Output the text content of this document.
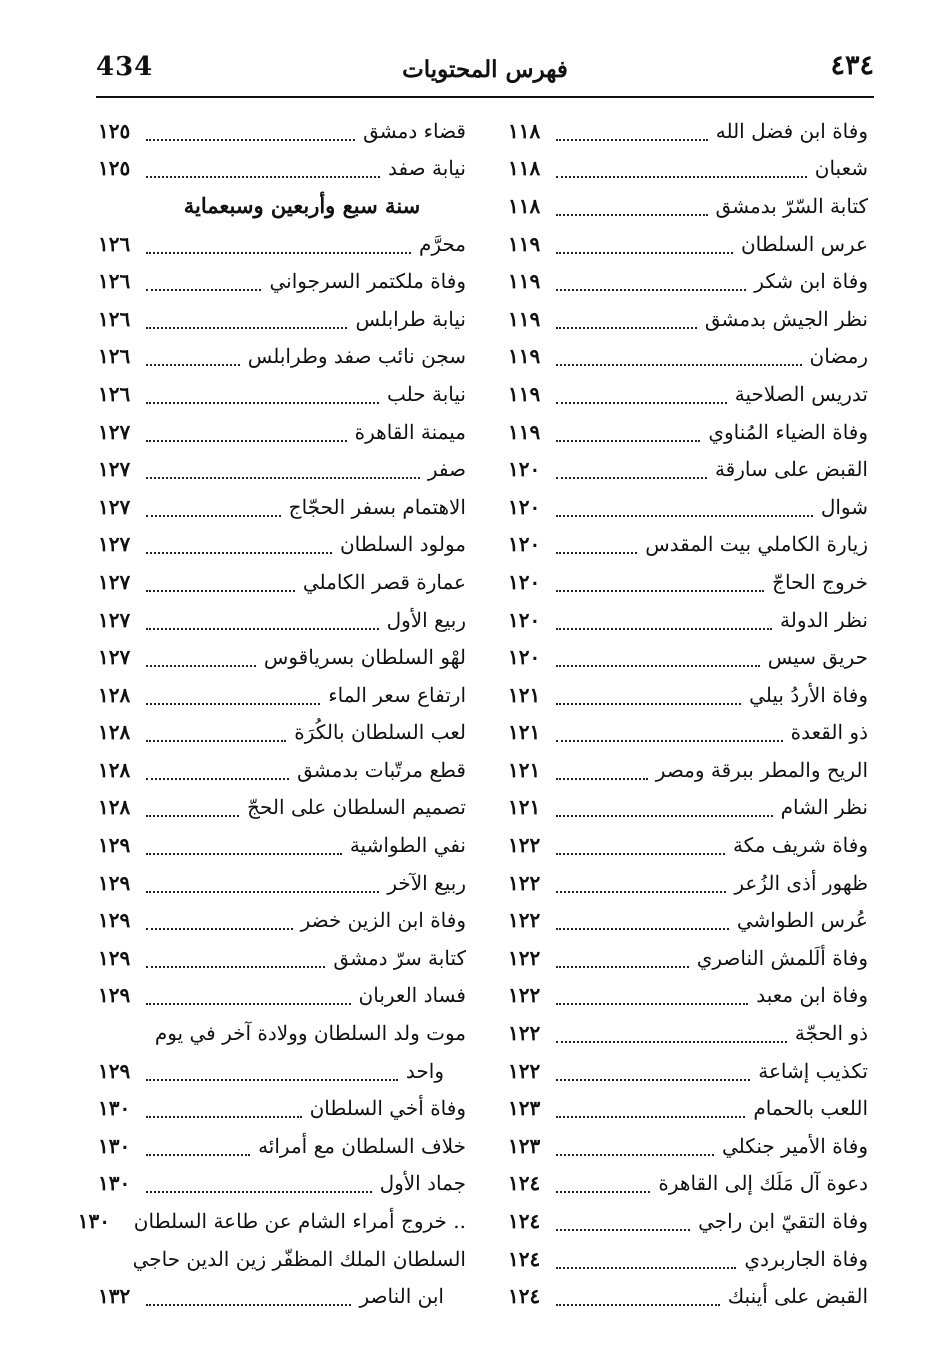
434	فهرس المحتويات	٤٣٤
وفاة ابن فضل الله
١١٨
شعبان
١١٨
كتابة السّرّ بدمشق
١١٨
عرس السلطان
١١٩
وفاة ابن شكر
١١٩
نظر الجيش بدمشق
١١٩
رمضان
١١٩
تدريس الصلاحية
١١٩
وفاة الضياء المُناوي
١١٩
القبض على سارقة
١٢٠
شوال
١٢٠
زيارة الكاملي بيت المقدس
١٢٠
خروج الحاجّ
١٢٠
نظر الدولة
١٢٠
حريق سيس
١٢٠
وفاة الأردُ بيلي
١٢١
ذو القعدة
١٢١
الريح والمطر ببرقة ومصر
١٢١
نظر الشام
١٢١
وفاة شريف مكة
١٢٢
ظهور أذى الزُعر
١٢٢
عُرس الطواشي
١٢٢
وفاة ألَلمش الناصري
١٢٢
وفاة ابن معبد
١٢٢
ذو الحجّة
١٢٢
تكذيب إشاعة
١٢٢
اللعب بالحمام
١٢٣
وفاة الأمير جنكلي
١٢٣
دعوة آل مَلَك إلى القاهرة
١٢٤
وفاة التقيّ ابن راجي
١٢٤
وفاة الجاربردي
١٢٤
القبض على أينبك
١٢٤
قضاء دمشق
١٢٥
نيابة صفد
١٢٥
سنة سبع وأربعين وسبعماية
محرَّم
١٢٦
وفاة ملكتمر السرجواني
١٢٦
نيابة طرابلس
١٢٦
سجن نائب صفد وطرابلس
١٢٦
نيابة حلب
١٢٦
ميمنة القاهرة
١٢٧
صفر
١٢٧
الاهتمام بسفر الحجّاج
١٢٧
مولود السلطان
١٢٧
عمارة قصر الكاملي
١٢٧
ربيع الأول
١٢٧
لهْو السلطان بسرياقوس
١٢٧
ارتفاع سعر الماء
١٢٨
لعب السلطان بالكُرَة
١٢٨
قطع مرتّبات بدمشق
١٢٨
تصميم السلطان على الحجّ
١٢٨
نفي الطواشية
١٢٩
ربيع الآخر
١٢٩
وفاة ابن الزين خضر
١٢٩
كتابة سرّ دمشق
١٢٩
فساد العربان
١٢٩
موت ولد السلطان وولادة آخر في يوم
واحد
١٢٩
وفاة أخي السلطان
١٣٠
خلاف السلطان مع أمرائه
١٣٠
جماد الأول
١٣٠
خروج أمراء الشام عن طاعة السلطان ..
١٣٠
السلطان الملك المظفّر زين الدين حاجي
ابن الناصر
١٣٢
